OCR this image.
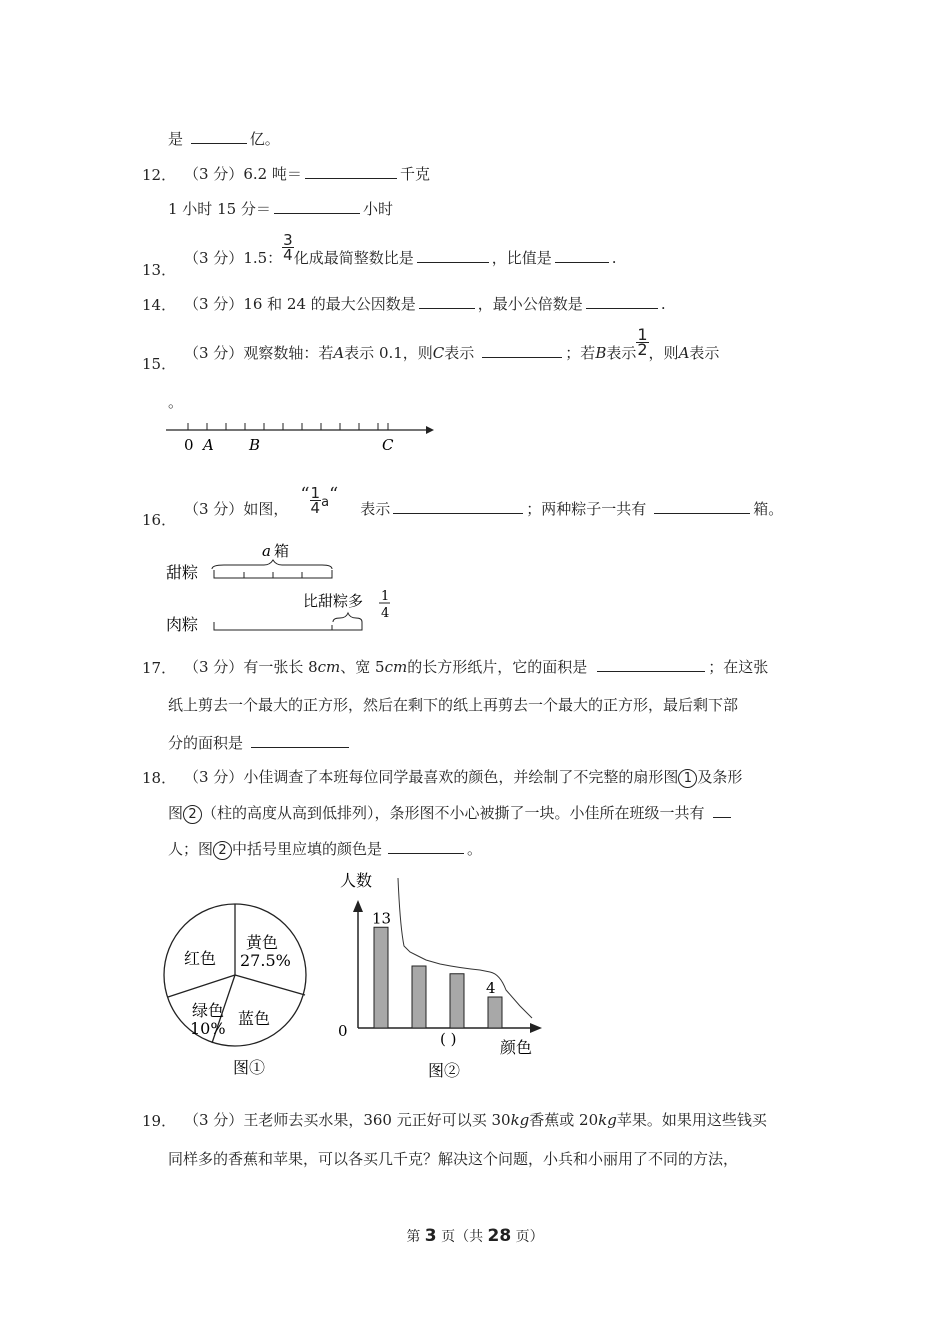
是	亿。
12． （3 分）6.2 吨＝	千克
1 小时 15 分＝	小时
13．
（3 分）1.5： $\frac{3}{4}$ 化成最简整数比是	，比值是	.
14． （3 分）16 和 24 的最大公因数是	，最小公倍数是	.
15．
（3 分）观察数轴：若A表示 0.1，则C表示	；若B表示 $\frac{1}{2}$ ，则A表示
。
0 A B	C
16．
（3 分）如图，“ $\frac{1}{4}$ a“表示	；两种粽子一共有	箱。
a 箱
甜粽
比甜粽多 1
4
肉粽
17． （3 分）有一张长 8cm、宽 5cm的长方形纸片，它的面积是	；在这张
纸上剪去一个最大的正方形，然后在剩下的纸上再剪去一个最大的正方形，最后剩下部
分的面积是
18． （3 分）小佳调查了本班每位同学最喜欢的颜色，并绘制了不完整的扇形图 1 及条形
图 2 （柱的高度从高到低排列），条形图不小心被撕了一块。小佳所在班级一共有
人；图 2 中括号里应填的颜色是	。
黄色
27.5%
红色
蓝色
绿色
10%
图①
人数
0
颜色
( )
13
4
图②
19． （3 分）王老师去买水果，360 元正好可以买 30kg香蕉或 20kg苹果。如果用这些钱买
同样多的香蕉和苹果，可以各买几千克？解决这个问题，小兵和小丽用了不同的方法，
第 3 页（共 28 页）
